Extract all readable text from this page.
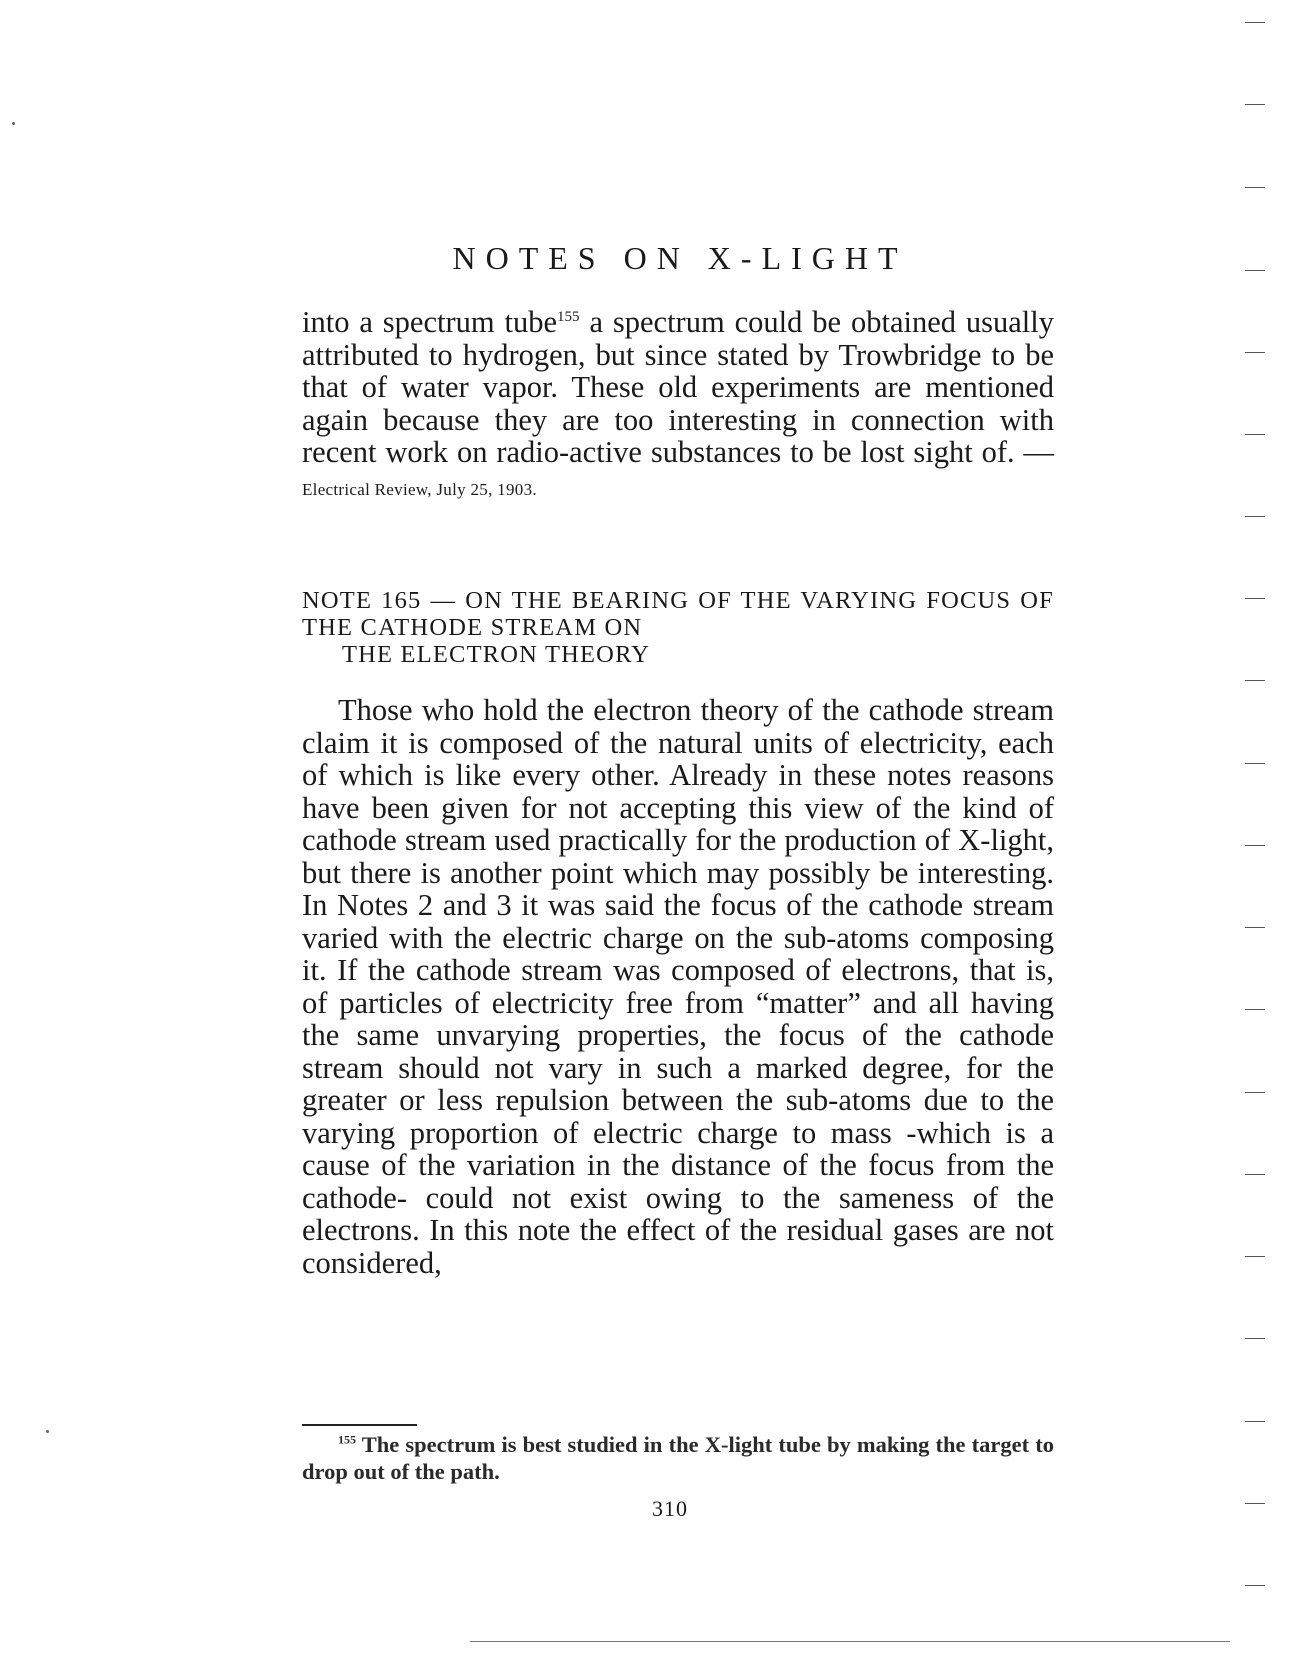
NOTES ON X-LIGHT

into a spectrum tube$^{155}$ a spectrum could be obtained usually attributed to hydrogen, but since stated by Trowbridge to be that of water vapor. These old experiments are mentioned again because they are too interesting in connection with recent work on radio-active substances to be lost sight of. — Electrical Review, July 25, 1903.

NOTE 165 — ON THE BEARING OF THE VARYING FOCUS OF THE CATHODE STREAM ON
THE ELECTRON THEORY

Those who hold the electron theory of the cathode stream claim it is composed of the natural units of electricity, each of which is like every other. Already in these notes reasons have been given for not accepting this view of the kind of cathode stream used practically for the production of X-light, but there is another point which may possibly be interesting. In Notes 2 and 3 it was said the focus of the cathode stream varied with the electric charge on the sub-atoms composing it. If the cathode stream was composed of electrons, that is, of particles of electricity free from “matter” and all having the same unvarying properties, the focus of the cathode stream should not vary in such a marked degree, for the greater or less repulsion between the sub-atoms due to the varying proportion of electric charge to mass -which is a cause of the variation in the distance of the focus from the cathode- could not exist owing to the sameness of the electrons. In this note the effect of the residual gases are not considered,

$^{155}$ The spectrum is best studied in the X-light tube by making the target to drop out of the path.

310
